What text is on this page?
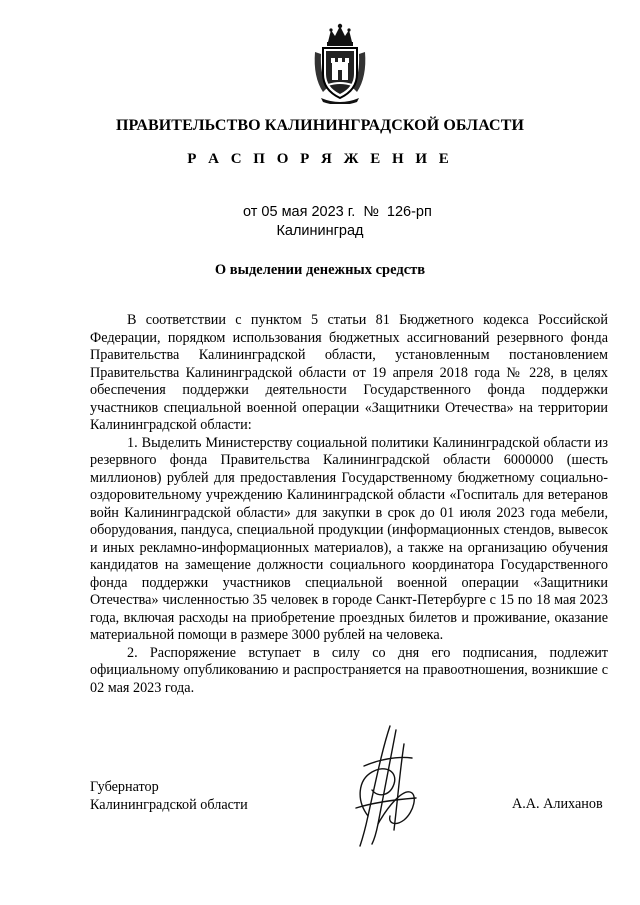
ПРАВИТЕЛЬСТВО КАЛИНИНГРАДСКОЙ ОБЛАСТИ
Р А С П О Р Я Ж Е Н И Е
от 05 мая 2023 г. № 126-рп
Калининград
О выделении денежных средств

В соответствии с пунктом 5 статьи 81 Бюджетного кодекса Российской Федерации, порядком использования бюджетных ассигнований резервного фонда Правительства Калининградской области, установленным постановлением Правительства Калининградской области от 19 апреля 2018 года № 228, в целях обеспечения поддержки деятельности Государственного фонда поддержки участников специальной военной операции «Защитники Отечества» на территории Калининградской области:

1. Выделить Министерству социальной политики Калининградской области из резервного фонда Правительства Калининградской области 6000000 (шесть миллионов) рублей для предоставления Государственному бюджетному социально-оздоровительному учреждению Калининградской области «Госпиталь для ветеранов войн Калининградской области» для закупки в срок до 01 июля 2023 года мебели, оборудования, пандуса, специальной продукции (информационных стендов, вывесок и иных рекламно-информационных материалов), а также на организацию обучения кандидатов на замещение должности социального координатора Государственного фонда поддержки участников специальной военной операции «Защитники Отечества» численностью 35 человек в городе Санкт-Петербурге с 15 по 18 мая 2023 года, включая расходы на приобретение проездных билетов и проживание, оказание материальной помощи в размере 3000 рублей на человека.

2. Распоряжение вступает в силу со дня его подписания, подлежит официальному опубликованию и распространяется на правоотношения, возникшие с 02 мая 2023 года.

Губернатор
Калининградской области	А.А. Алиханов
